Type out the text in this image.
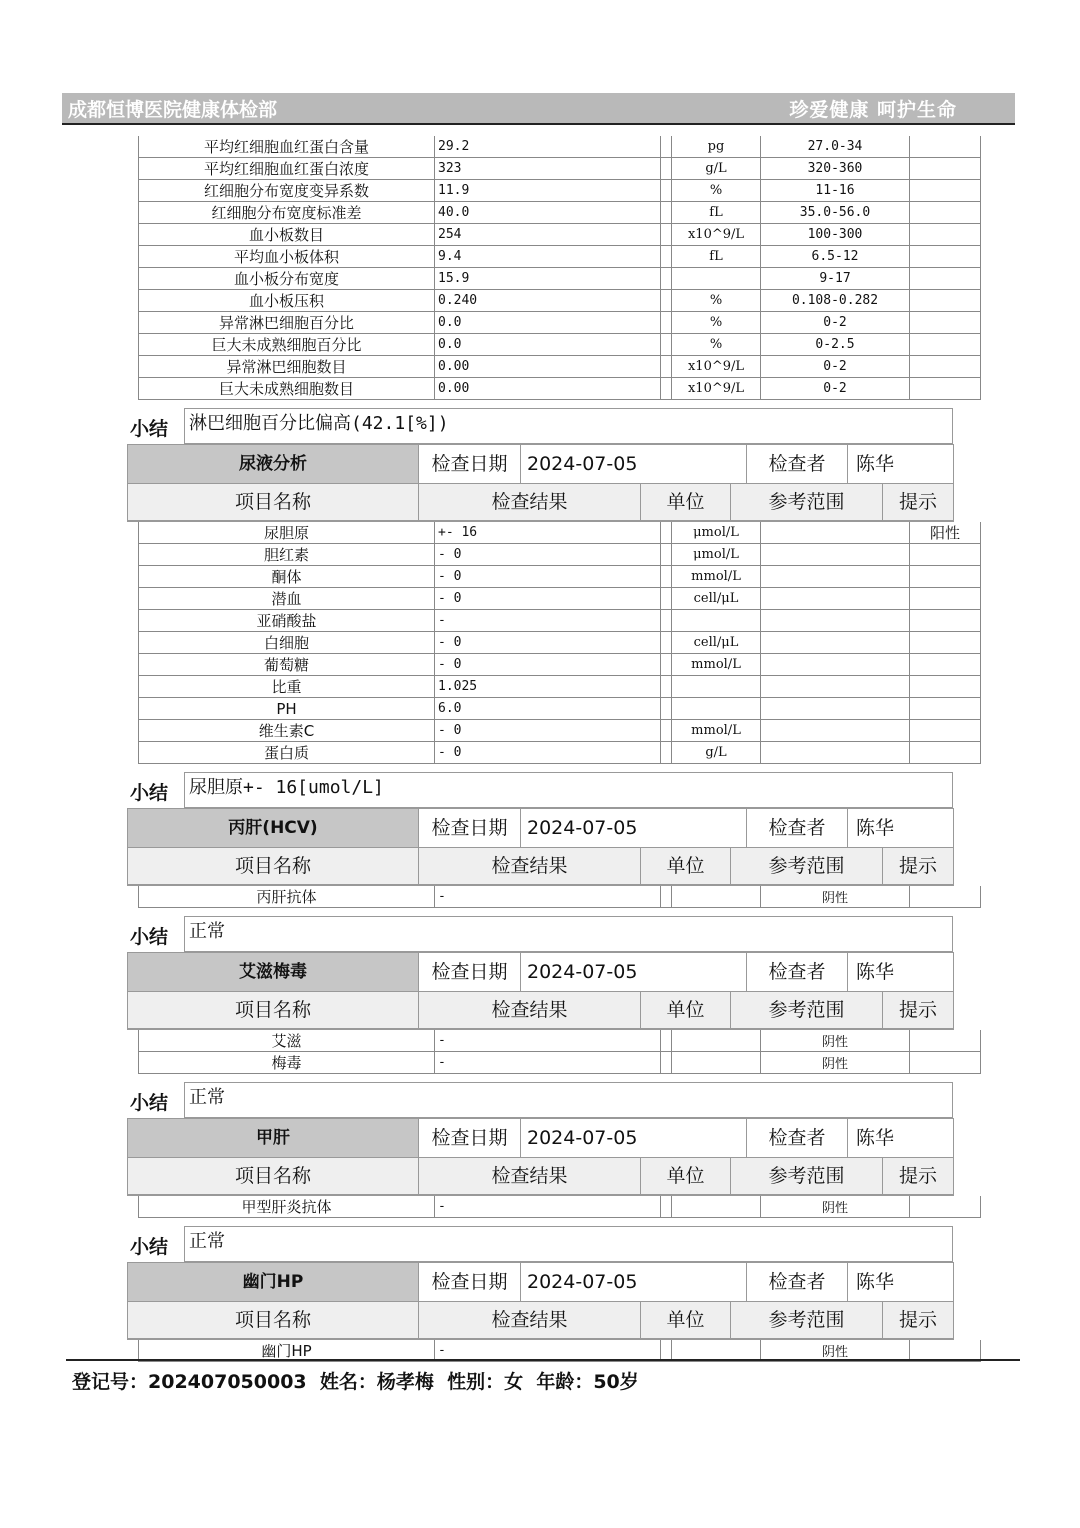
成都恒博医院健康体检部	珍爱健康 呵护生命
平均红细胞血红蛋白含量	29.2		pg	27.0-34	
平均红细胞血红蛋白浓度	323		g/L	320-360	
红细胞分布宽度变异系数	11.9		%	11-16	
红细胞分布宽度标准差	40.0		fL	35.0-56.0	
血小板数目	254		x10^9/L	100-300	
平均血小板体积	9.4		fL	6.5-12	
血小板分布宽度	15.9			9-17	
血小板压积	0.240		%	0.108-0.282	
异常淋巴细胞百分比	0.0		%	0-2	
巨大未成熟细胞百分比	0.0		%	0-2.5	
异常淋巴细胞数目	0.00		x10^9/L	0-2	
巨大未成熟细胞数目	0.00		x10^9/L	0-2	
小结 淋巴细胞百分比偏高(42.1[%])
尿液分析	检查日期	2024-07-05	检查者	陈华
项目名称	检查结果	单位	参考范围	提示
尿胆原	+- 16		μmol/L		阳性
胆红素	- 0		μmol/L		
酮体	- 0		mmol/L		
潜血	- 0		cell/μL		
亚硝酸盐	-				
白细胞	- 0		cell/μL		
葡萄糖	- 0		mmol/L		
比重	1.025				
PH	6.0				
维生素C	- 0		mmol/L		
蛋白质	- 0		g/L		
小结 尿胆原+- 16[umol/L]
丙肝(HCV)	检查日期	2024-07-05	检查者	陈华
项目名称	检查结果	单位	参考范围	提示
丙肝抗体	-			阴性	
小结 正常
艾滋梅毒	检查日期	2024-07-05	检查者	陈华
项目名称	检查结果	单位	参考范围	提示
艾滋	-			阴性	
梅毒	-			阴性	
小结 正常
甲肝	检查日期	2024-07-05	检查者	陈华
项目名称	检查结果	单位	参考范围	提示
甲型肝炎抗体	-			阴性	
小结 正常
幽门HP	检查日期	2024-07-05	检查者	陈华
项目名称	检查结果	单位	参考范围	提示
幽门HP	-			阴性	
登记号：202407050003  姓名：杨孝梅  性别：女  年龄：50岁
